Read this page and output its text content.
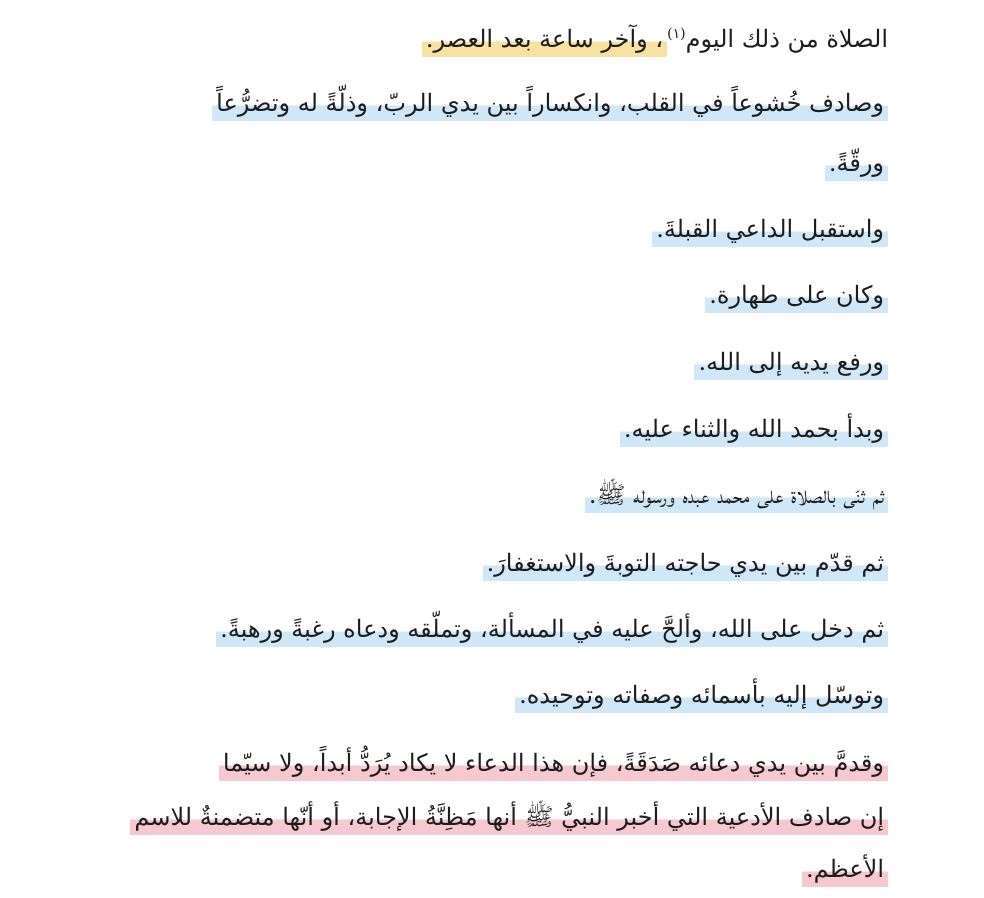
الصلاة من ذلك اليوم$^{(١)}$، وآخر ساعة بعد العصر.
وصادف خُشوعاً في القلب، وانكساراً بين يدي الربّ، وذلّةً له وتضرُّعاً
ورقّةً.
واستقبل الداعي القبلةَ.
وكان على طهارة.
ورفع يديه إلى الله.
وبدأ بحمد الله والثناء عليه.
ثم ثنّى بالصلاة على محمد عبده ورسوله ﷺ.
ثم قدّم بين يدي حاجته التوبةَ والاستغفارَ.
ثم دخل على الله، وألحَّ عليه في المسألة، وتملّقه ودعاه رغبةً ورهبةً.
وتوسّل إليه بأسمائه وصفاته وتوحيده.
وقدمَّ بين يدي دعائه صَدَقَةً، فإن هذا الدعاء لا يكاد يُرَدُّ أبداً، ولا سيّما
إن صادف الأدعية التي أخبر النبيُّ ﷺ أنها مَظِنَّةُ الإجابة، أو أنّها متضمنةٌ للاسم
الأعظم.
